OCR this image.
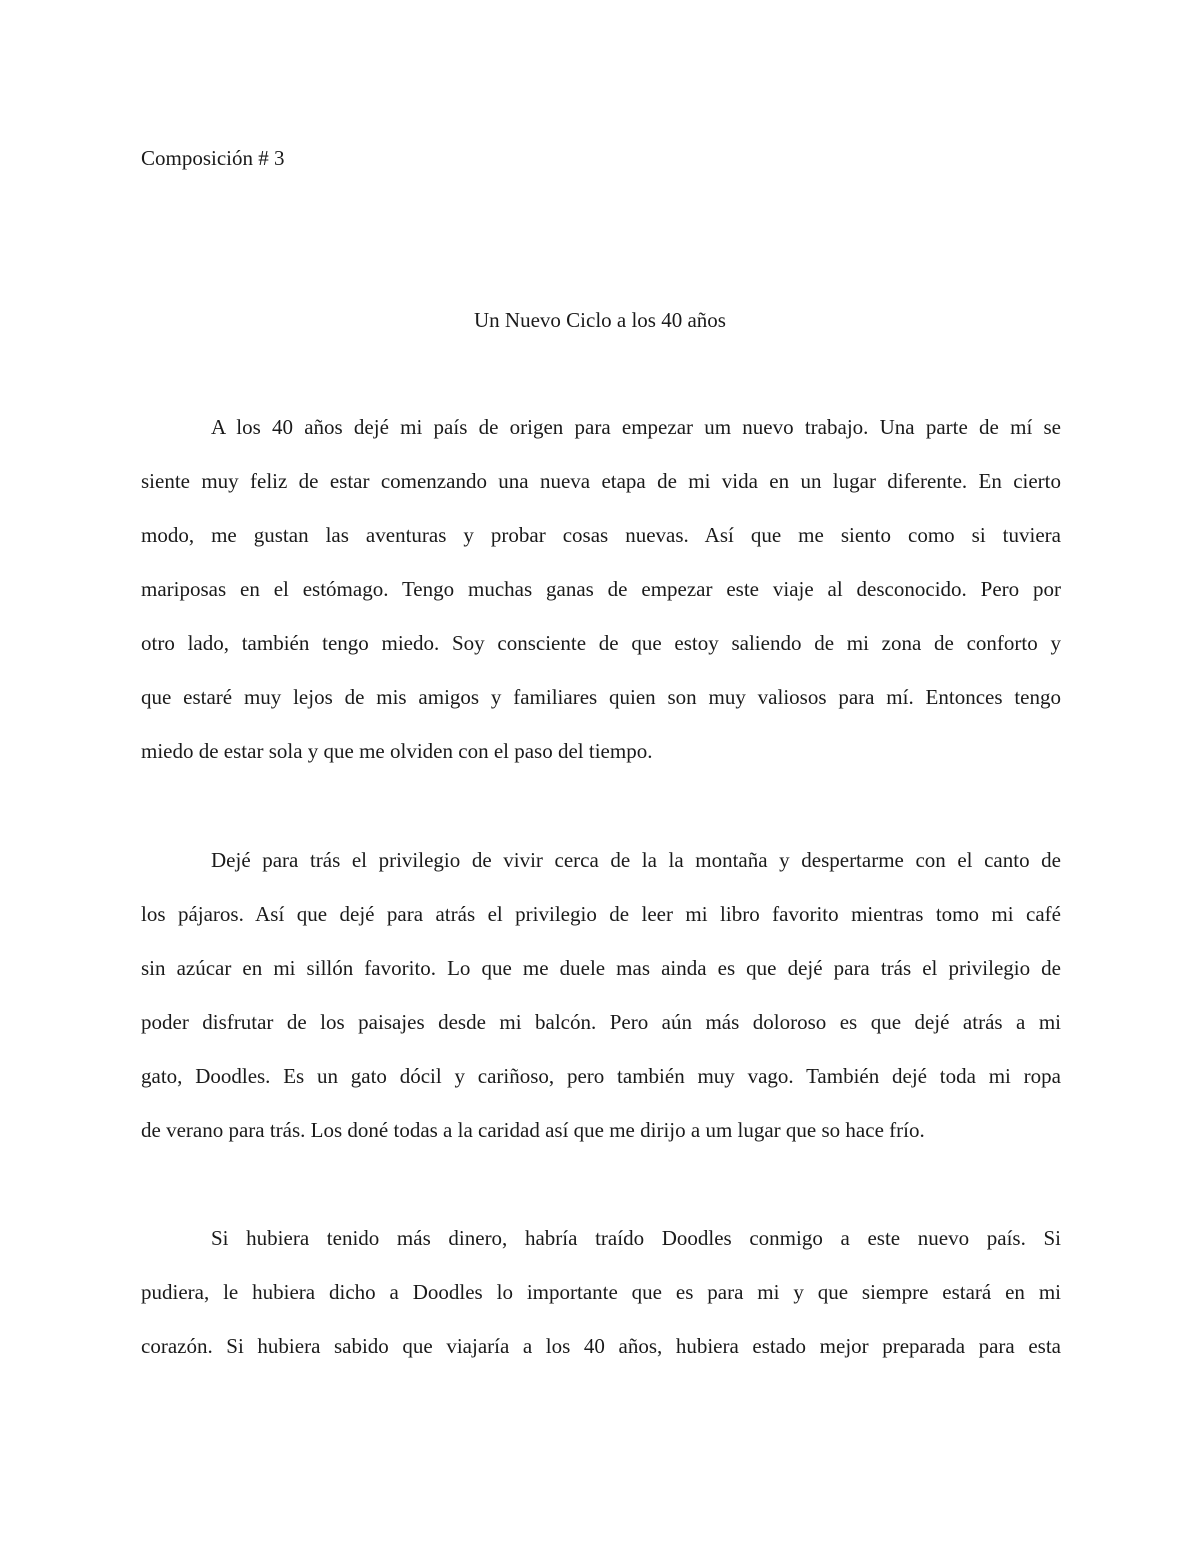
Composición # 3
Un Nuevo Ciclo a los 40 años
A los 40 años dejé mi país de origen para empezar um nuevo trabajo. Una parte de mí se
siente muy feliz de estar comenzando una nueva etapa de mi vida en un lugar diferente. En cierto
modo, me gustan las aventuras y probar cosas nuevas. Así que me siento como si tuviera
mariposas en el estómago. Tengo muchas ganas de empezar este viaje al desconocido. Pero por
otro lado, también tengo miedo. Soy consciente de que estoy saliendo de mi zona de conforto y
que estaré muy lejos de mis amigos y familiares quien son muy valiosos para mí. Entonces tengo
miedo de estar sola y que me olviden con el paso del tiempo.
Dejé para trás el privilegio de vivir cerca de la la montaña y despertarme con el canto de
los pájaros. Así que dejé para atrás el privilegio de leer mi libro favorito mientras tomo mi café
sin azúcar en mi sillón favorito. Lo que me duele mas ainda es que dejé para trás el privilegio de
poder disfrutar de los paisajes desde mi balcón. Pero aún más doloroso es que dejé atrás a mi
gato, Doodles. Es un gato dócil y cariñoso, pero también muy vago. También dejé toda mi ropa
de verano para trás. Los doné todas a la caridad así que me dirijo a um lugar que so hace frío.
Si hubiera tenido más dinero, habría traído Doodles conmigo a este nuevo país. Si
pudiera, le hubiera dicho a Doodles lo importante que es para mi y que siempre estará en mi
corazón. Si hubiera sabido que viajaría a los 40 años, hubiera estado mejor preparada para esta
